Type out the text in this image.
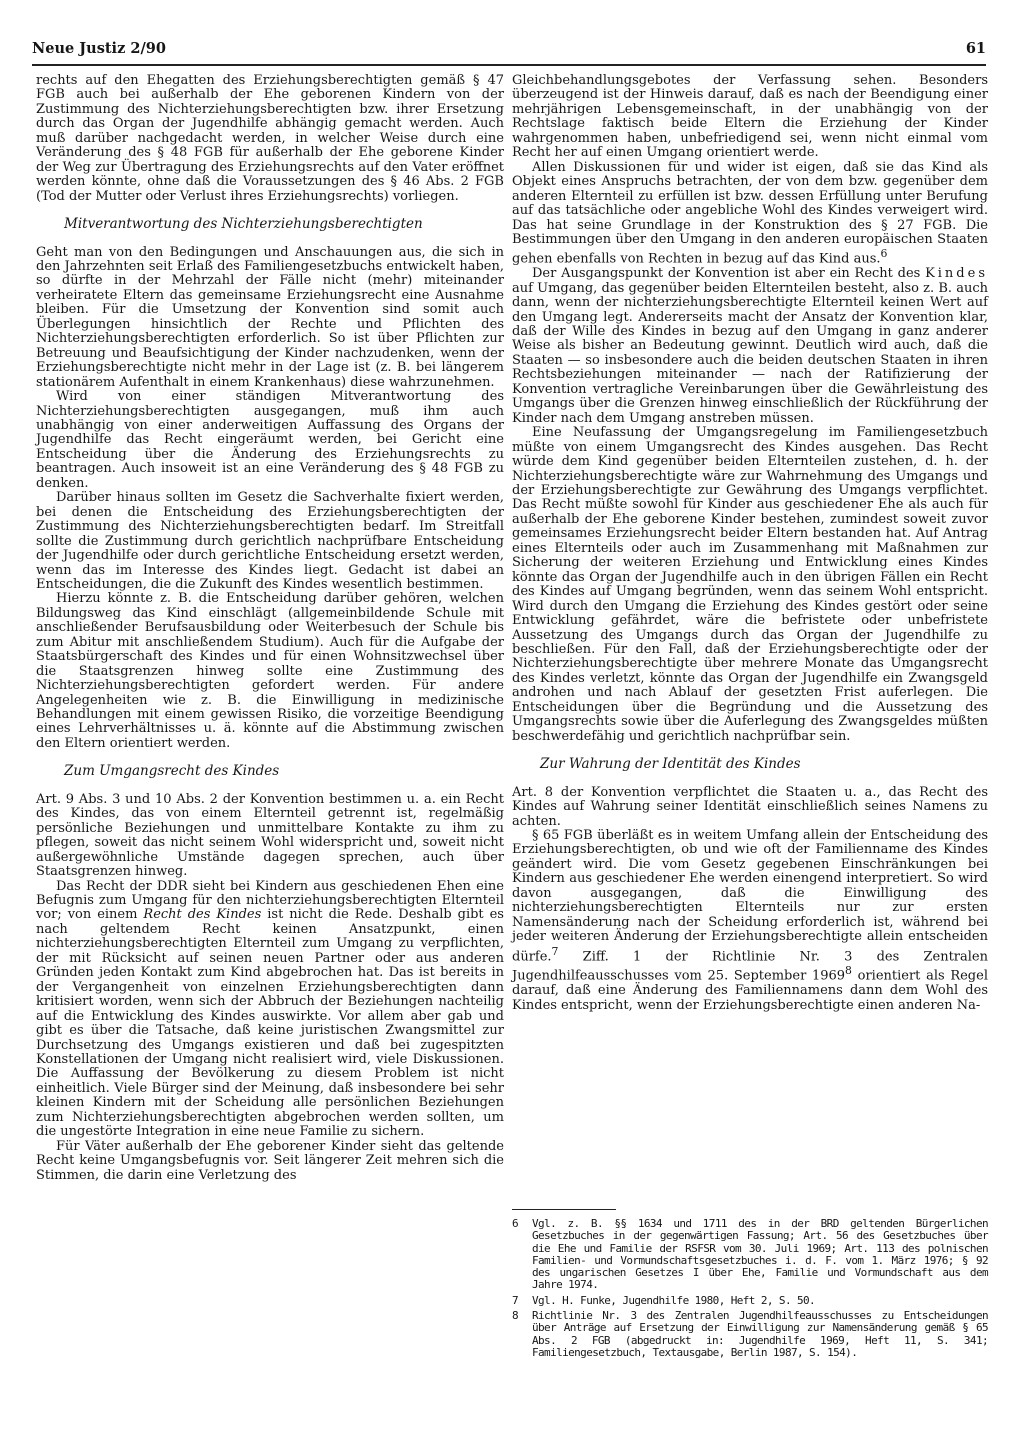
Neue Justiz 2/90	61

rechts auf den Ehegatten des Erziehungsberechtigten gemäß § 47 FGB auch bei außerhalb der Ehe geborenen Kindern von der Zustimmung des Nichterziehungsberechtigten bzw. ihrer Ersetzung durch das Organ der Jugendhilfe abhängig gemacht werden. Auch muß darüber nachgedacht werden, in welcher Weise durch eine Veränderung des § 48 FGB für außerhalb der Ehe geborene Kinder der Weg zur Übertragung des Erziehungsrechts auf den Vater eröffnet werden könnte, ohne daß die Voraussetzungen des § 46 Abs. 2 FGB (Tod der Mutter oder Verlust ihres Erziehungsrechts) vorliegen.

Mitverantwortung des Nichterziehungsberechtigten

Geht man von den Bedingungen und Anschauungen aus, die sich in den Jahrzehnten seit Erlaß des Familiengesetzbuchs entwickelt haben, so dürfte in der Mehrzahl der Fälle nicht (mehr) miteinander verheiratete Eltern das gemeinsame Erziehungsrecht eine Ausnahme bleiben. Für die Umsetzung der Konvention sind somit auch Überlegungen hinsichtlich der Rechte und Pflichten des Nichterziehungsberechtigten erforderlich. So ist über Pflichten zur Betreuung und Beaufsichtigung der Kinder nachzudenken, wenn der Erziehungsberechtigte nicht mehr in der Lage ist (z. B. bei längerem stationärem Aufenthalt in einem Krankenhaus) diese wahrzunehmen.

Wird von einer ständigen Mitverantwortung des Nichterziehungsberechtigten ausgegangen, muß ihm auch unabhängig von einer anderweitigen Auffassung des Organs der Jugendhilfe das Recht eingeräumt werden, bei Gericht eine Entscheidung über die Änderung des Erziehungsrechts zu beantragen. Auch insoweit ist an eine Veränderung des § 48 FGB zu denken.

Darüber hinaus sollten im Gesetz die Sachverhalte fixiert werden, bei denen die Entscheidung des Erziehungsberechtigten der Zustimmung des Nichterziehungsberechtigten bedarf. Im Streitfall sollte die Zustimmung durch gerichtlich nachprüfbare Entscheidung der Jugendhilfe oder durch gerichtliche Entscheidung ersetzt werden, wenn das im Interesse des Kindes liegt. Gedacht ist dabei an Entscheidungen, die die Zukunft des Kindes wesentlich bestimmen.

Hierzu könnte z. B. die Entscheidung darüber gehören, welchen Bildungsweg das Kind einschlägt (allgemeinbildende Schule mit anschließender Berufsausbildung oder Weiterbesuch der Schule bis zum Abitur mit anschließendem Studium). Auch für die Aufgabe der Staatsbürgerschaft des Kindes und für einen Wohnsitzwechsel über die Staatsgrenzen hinweg sollte eine Zustimmung des Nichterziehungsberechtigten gefordert werden. Für andere Angelegenheiten wie z. B. die Einwilligung in medizinische Behandlungen mit einem gewissen Risiko, die vorzeitige Beendigung eines Lehrverhältnisses u. ä. könnte auf die Abstimmung zwischen den Eltern orientiert werden.

Zum Umgangsrecht des Kindes

Art. 9 Abs. 3 und 10 Abs. 2 der Konvention bestimmen u. a. ein Recht des Kindes, das von einem Elternteil getrennt ist, regelmäßig persönliche Beziehungen und unmittelbare Kontakte zu ihm zu pflegen, soweit das nicht seinem Wohl widerspricht und, soweit nicht außergewöhnliche Umstände dagegen sprechen, auch über Staatsgrenzen hinweg.

Das Recht der DDR sieht bei Kindern aus geschiedenen Ehen eine Befugnis zum Umgang für den nichterziehungsberechtigten Elternteil vor; von einem Recht des Kindes ist nicht die Rede. Deshalb gibt es nach geltendem Recht keinen Ansatzpunkt, einen nichterziehungsberechtigten Elternteil zum Umgang zu verpflichten, der mit Rücksicht auf seinen neuen Partner oder aus anderen Gründen jeden Kontakt zum Kind abgebrochen hat. Das ist bereits in der Vergangenheit von einzelnen Erziehungsberechtigten dann kritisiert worden, wenn sich der Abbruch der Beziehungen nachteilig auf die Entwicklung des Kindes auswirkte. Vor allem aber gab und gibt es über die Tatsache, daß keine juristischen Zwangsmittel zur Durchsetzung des Umgangs existieren und daß bei zugespitzten Konstellationen der Umgang nicht realisiert wird, viele Diskussionen. Die Auffassung der Bevölkerung zu diesem Problem ist nicht einheitlich. Viele Bürger sind der Meinung, daß insbesondere bei sehr kleinen Kindern mit der Scheidung alle persönlichen Beziehungen zum Nichterziehungsberechtigten abgebrochen werden sollten, um die ungestörte Integration in eine neue Familie zu sichern.

Für Väter außerhalb der Ehe geborener Kinder sieht das geltende Recht keine Umgangsbefugnis vor. Seit längerer Zeit mehren sich die Stimmen, die darin eine Verletzung des

Gleichbehandlungsgebotes der Verfassung sehen. Besonders überzeugend ist der Hinweis darauf, daß es nach der Beendigung einer mehrjährigen Lebensgemeinschaft, in der unabhängig von der Rechtslage faktisch beide Eltern die Erziehung der Kinder wahrgenommen haben, unbefriedigend sei, wenn nicht einmal vom Recht her auf einen Umgang orientiert werde.

Allen Diskussionen für und wider ist eigen, daß sie das Kind als Objekt eines Anspruchs betrachten, der von dem bzw. gegenüber dem anderen Elternteil zu erfüllen ist bzw. dessen Erfüllung unter Berufung auf das tatsächliche oder angebliche Wohl des Kindes verweigert wird. Das hat seine Grundlage in der Konstruktion des § 27 FGB. Die Bestimmungen über den Umgang in den anderen europäischen Staaten gehen ebenfalls von Rechten in bezug auf das Kind aus.$^6$

Der Ausgangspunkt der Konvention ist aber ein Recht des Kindes auf Umgang, das gegenüber beiden Elternteilen besteht, also z. B. auch dann, wenn der nichterziehungsberechtigte Elternteil keinen Wert auf den Umgang legt. Andererseits macht der Ansatz der Konvention klar, daß der Wille des Kindes in bezug auf den Umgang in ganz anderer Weise als bisher an Bedeutung gewinnt. Deutlich wird auch, daß die Staaten — so insbesondere auch die beiden deutschen Staaten in ihren Rechtsbeziehungen miteinander — nach der Ratifizierung der Konvention vertragliche Vereinbarungen über die Gewährleistung des Umgangs über die Grenzen hinweg einschließlich der Rückführung der Kinder nach dem Umgang anstreben müssen.

Eine Neufassung der Umgangsregelung im Familiengesetzbuch müßte von einem Umgangsrecht des Kindes ausgehen. Das Recht würde dem Kind gegenüber beiden Elternteilen zustehen, d. h. der Nichterziehungsberechtigte wäre zur Wahrnehmung des Umgangs und der Erziehungsberechtigte zur Gewährung des Umgangs verpflichtet. Das Recht müßte sowohl für Kinder aus geschiedener Ehe als auch für außerhalb der Ehe geborene Kinder bestehen, zumindest soweit zuvor gemeinsames Erziehungsrecht beider Eltern bestanden hat. Auf Antrag eines Elternteils oder auch im Zusammenhang mit Maßnahmen zur Sicherung der weiteren Erziehung und Entwicklung eines Kindes könnte das Organ der Jugendhilfe auch in den übrigen Fällen ein Recht des Kindes auf Umgang begründen, wenn das seinem Wohl entspricht. Wird durch den Umgang die Erziehung des Kindes gestört oder seine Entwicklung gefährdet, wäre die befristete oder unbefristete Aussetzung des Umgangs durch das Organ der Jugendhilfe zu beschließen. Für den Fall, daß der Erziehungsberechtigte oder der Nichterziehungsberechtigte über mehrere Monate das Umgangsrecht des Kindes verletzt, könnte das Organ der Jugendhilfe ein Zwangsgeld androhen und nach Ablauf der gesetzten Frist auferlegen. Die Entscheidungen über die Begründung und die Aussetzung des Umgangsrechts sowie über die Auferlegung des Zwangsgeldes müßten beschwerdefähig und gerichtlich nachprüfbar sein.

Zur Wahrung der Identität des Kindes

Art. 8 der Konvention verpflichtet die Staaten u. a., das Recht des Kindes auf Wahrung seiner Identität einschließlich seines Namens zu achten.

§ 65 FGB überläßt es in weitem Umfang allein der Entscheidung des Erziehungsberechtigten, ob und wie oft der Familienname des Kindes geändert wird. Die vom Gesetz gegebenen Einschränkungen bei Kindern aus geschiedener Ehe werden einengend interpretiert. So wird davon ausgegangen, daß die Einwilligung des nichterziehungsberechtigten Elternteils nur zur ersten Namensänderung nach der Scheidung erforderlich ist, während bei jeder weiteren Änderung der Erziehungsberechtigte allein entscheiden dürfe.$^7$ Ziff. 1 der Richtlinie Nr. 3 des Zentralen Jugendhilfeausschusses vom 25. September 1969$^8$ orientiert als Regel darauf, daß eine Änderung des Familiennamens dann dem Wohl des Kindes entspricht, wenn der Erziehungsberechtigte einen anderen Na-

6	Vgl. z. B. §§ 1634 und 1711 des in der BRD geltenden Bürgerlichen Gesetzbuches in der gegenwärtigen Fassung; Art. 56 des Gesetzbuches über die Ehe und Familie der RSFSR vom 30. Juli 1969; Art. 113 des polnischen Familien- und Vormundschaftsgesetzbuches i. d. F. vom 1. März 1976; § 92 des ungarischen Gesetzes I über Ehe, Familie und Vormundschaft aus dem Jahre 1974.
7	Vgl. H. Funke, Jugendhilfe 1980, Heft 2, S. 50.
8	Richtlinie Nr. 3 des Zentralen Jugendhilfeausschusses zu Entscheidungen über Anträge auf Ersetzung der Einwilligung zur Namensänderung gemäß § 65 Abs. 2 FGB (abgedruckt in: Jugendhilfe 1969, Heft 11, S. 341; Familiengesetzbuch, Textausgabe, Berlin 1987, S. 154).
